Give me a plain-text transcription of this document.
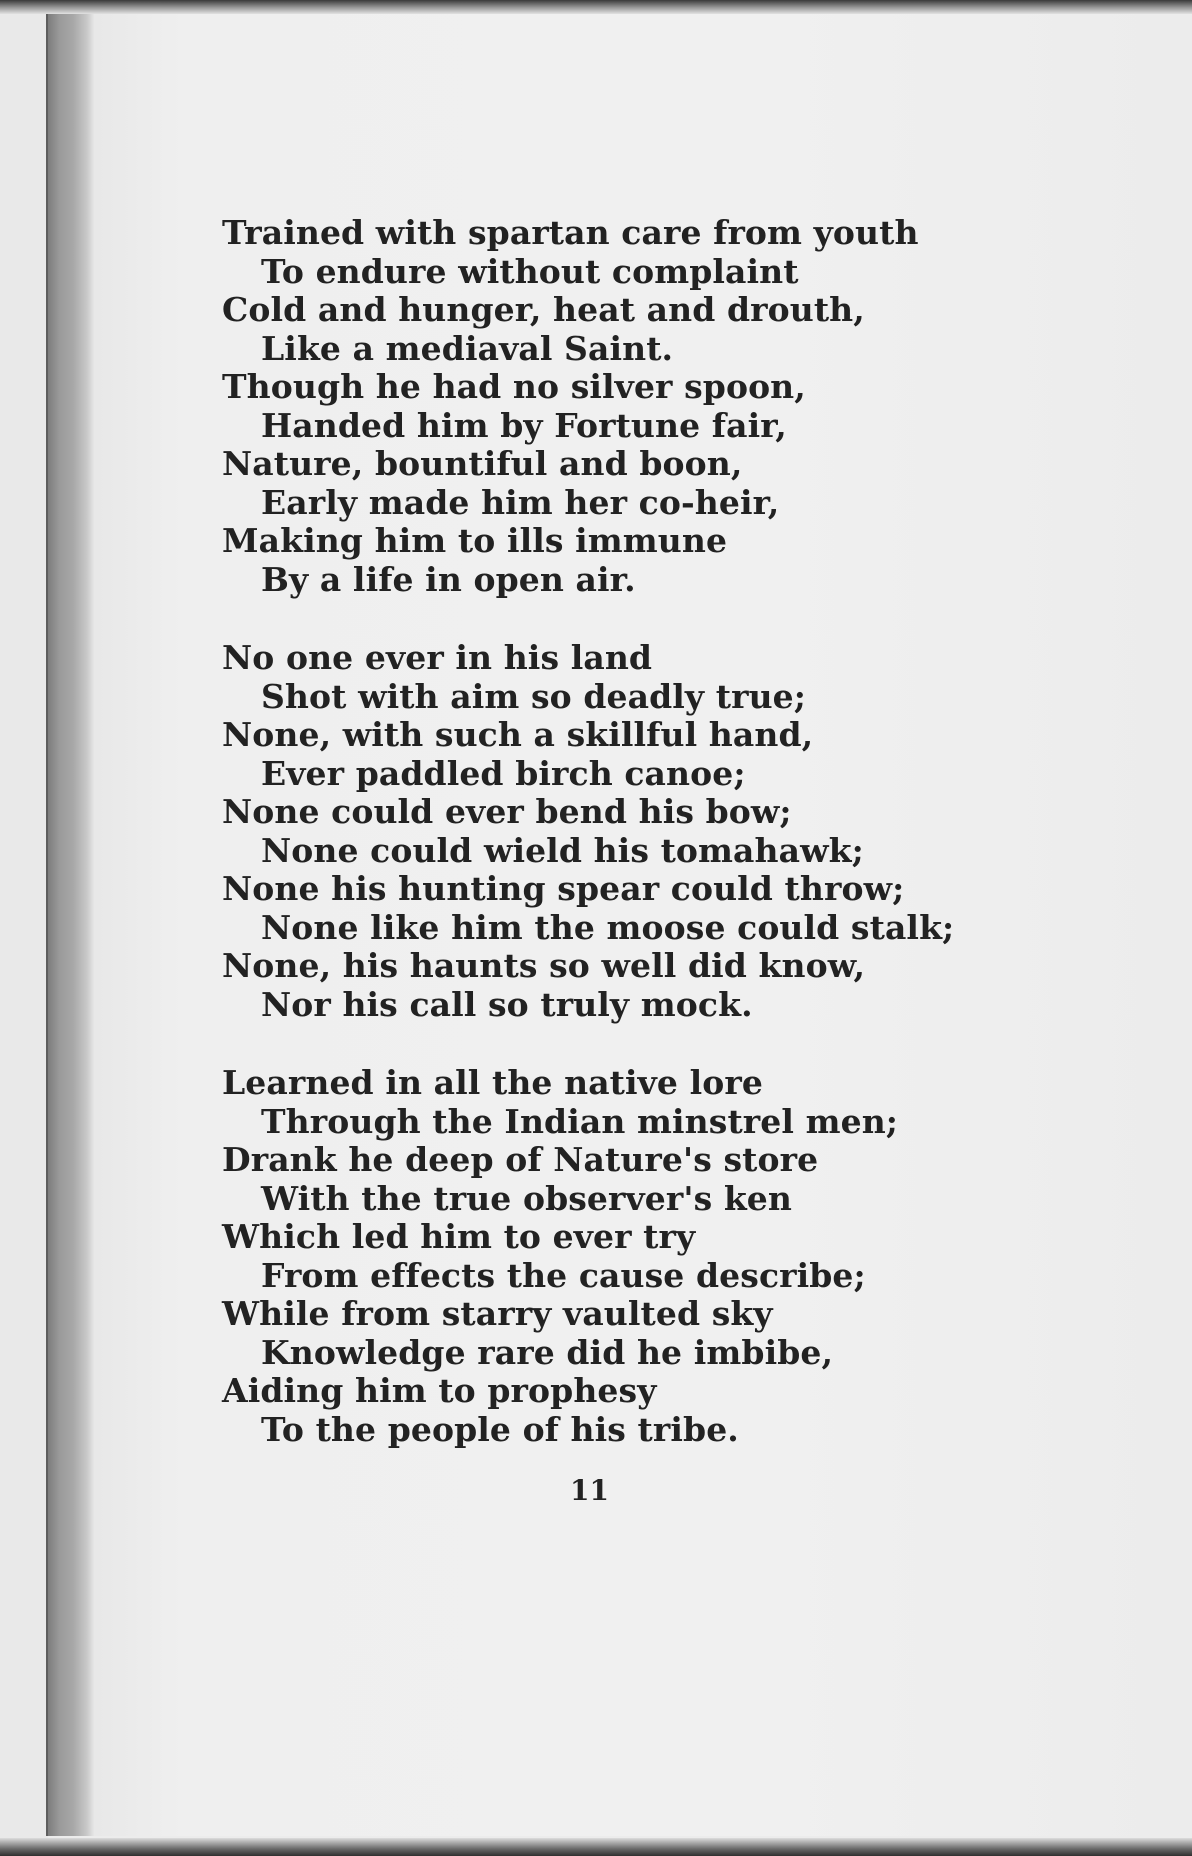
Trained with spartan care from youth
To endure without complaint
Cold and hunger, heat and drouth,
Like a mediaval Saint.
Though he had no silver spoon,
Handed him by Fortune fair,
Nature, bountiful and boon,
Early made him her co-heir,
Making him to ills immune
By a life in open air.
No one ever in his land
Shot with aim so deadly true;
None, with such a skillful hand,
Ever paddled birch canoe;
None could ever bend his bow;
None could wield his tomahawk;
None his hunting spear could throw;
None like him the moose could stalk;
None, his haunts so well did know,
Nor his call so truly mock.
Learned in all the native lore
Through the Indian minstrel men;
Drank he deep of Nature's store
With the true observer's ken
Which led him to ever try
From effects the cause describe;
While from starry vaulted sky
Knowledge rare did he imbibe,
Aiding him to prophesy
To the people of his tribe.
11
